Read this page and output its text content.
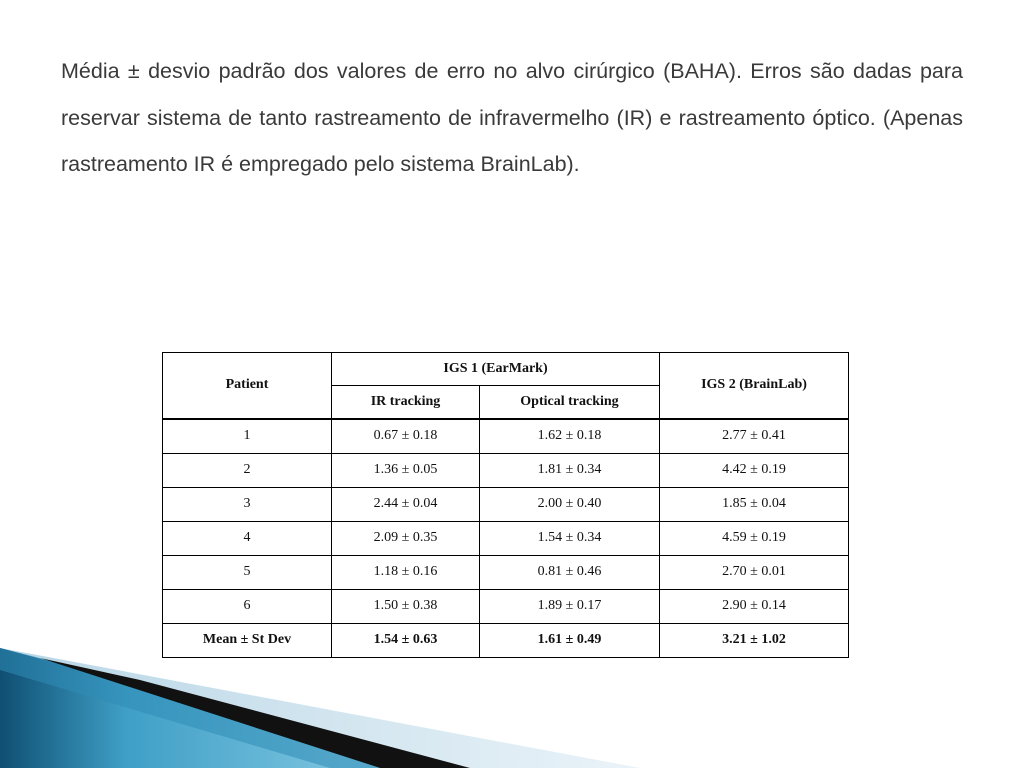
Média ± desvio padrão dos valores de erro no alvo cirúrgico (BAHA). Erros são dadas para reservar sistema de tanto rastreamento de infravermelho (IR) e rastreamento óptico. (Apenas rastreamento IR é empregado pelo sistema BrainLab).

Patient	IGS 1 (EarMark)		IGS 2 (BrainLab)
	IR tracking	Optical tracking	
1	0.67 ± 0.18	1.62 ± 0.18	2.77 ± 0.41
2	1.36 ± 0.05	1.81 ± 0.34	4.42 ± 0.19
3	2.44 ± 0.04	2.00 ± 0.40	1.85 ± 0.04
4	2.09 ± 0.35	1.54 ± 0.34	4.59 ± 0.19
5	1.18 ± 0.16	0.81 ± 0.46	2.70 ± 0.01
6	1.50 ± 0.38	1.89 ± 0.17	2.90 ± 0.14
Mean ± St Dev	1.54 ± 0.63	1.61 ± 0.49	3.21 ± 1.02
